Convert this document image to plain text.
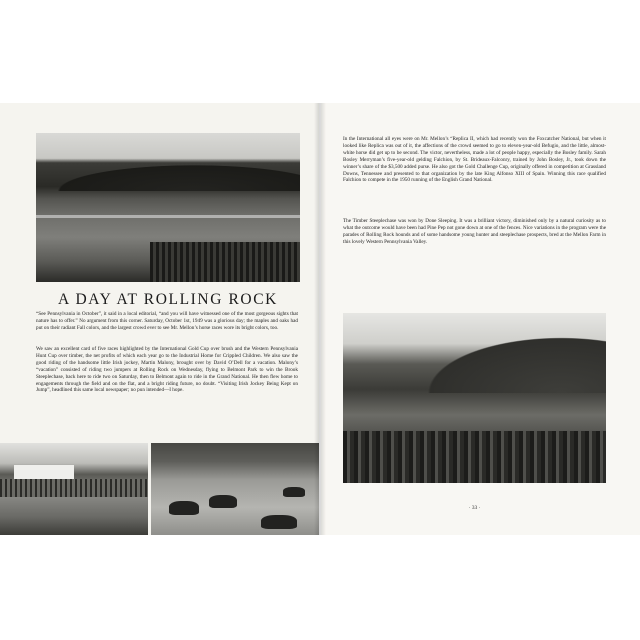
A DAY AT ROLLING ROCK

“See Pennsylvania in October”, it said in a local editorial, “and you will have witnessed one of the most gorgeous sights that nature has to offer.” No argument from this corner. Saturday, October 1st, 1949 was a glorious day; the maples and oaks had put on their radiant Fall colors, and the largest crowd ever to see Mr. Mellon’s horse races wore its bright colors, too.

We saw an excellent card of five races highlighted by the International Gold Cup over brush and the Western Pennsylvania Hunt Cup over timber, the net profits of which each year go to the Industrial Home for Crippled Children. We also saw the good riding of the handsome little Irish jockey, Martin Malony, brought over by David O’Dell for a vacation. Malony’s “vacation” consisted of riding two jumpers at Rolling Rock on Wednesday, flying to Belmont Park to win the Brook Steeplechase, back here to ride two on Saturday, then to Belmont again to ride in the Grand National. He then flew home to engagements through the field and on the flat, and a bright riding future, no doubt. “Visiting Irish Jockey Being Kept on Jump”, headlined this same local newspaper; no pun intended—I hope.

In the International all eyes were on Mr. Mellon’s “Replica II, which had recently won the Foxcatcher National, but when it looked like Replica was out of it, the affections of the crowd seemed to go to eleven-year-old Befugio, and the little, almost-white horse did get up to be second. The victor, nevertheless, made a lot of people happy, especially the Bosley family. Sarah Bosley Merryman’s five-year-old gelding Falchion, by St. Brideaux-Falconry, trained by John Bosley, Jr., took down the winner’s share of the $3,500 added purse. He also got the Gold Challenge Cup, originally offered in competition at Grassland Downs, Tennessee and presented to that organization by the late King Alfonso XIII of Spain. Winning this race qualified Falchion to compete in the 1950 running of the English Grand National.

The Timber Steeplechase was won by Done Sleeping. It was a brilliant victory, diminished only by a natural curiosity as to what the outcome would have been had Pine Pep not gone down at one of the fences. Nice variations in the program were the parades of Rolling Rock hounds and of some handsome young hunter and steeplechase prospects, bred at the Mellon Farm in this lovely Western Pennsylvania Valley.

· 33 ·
